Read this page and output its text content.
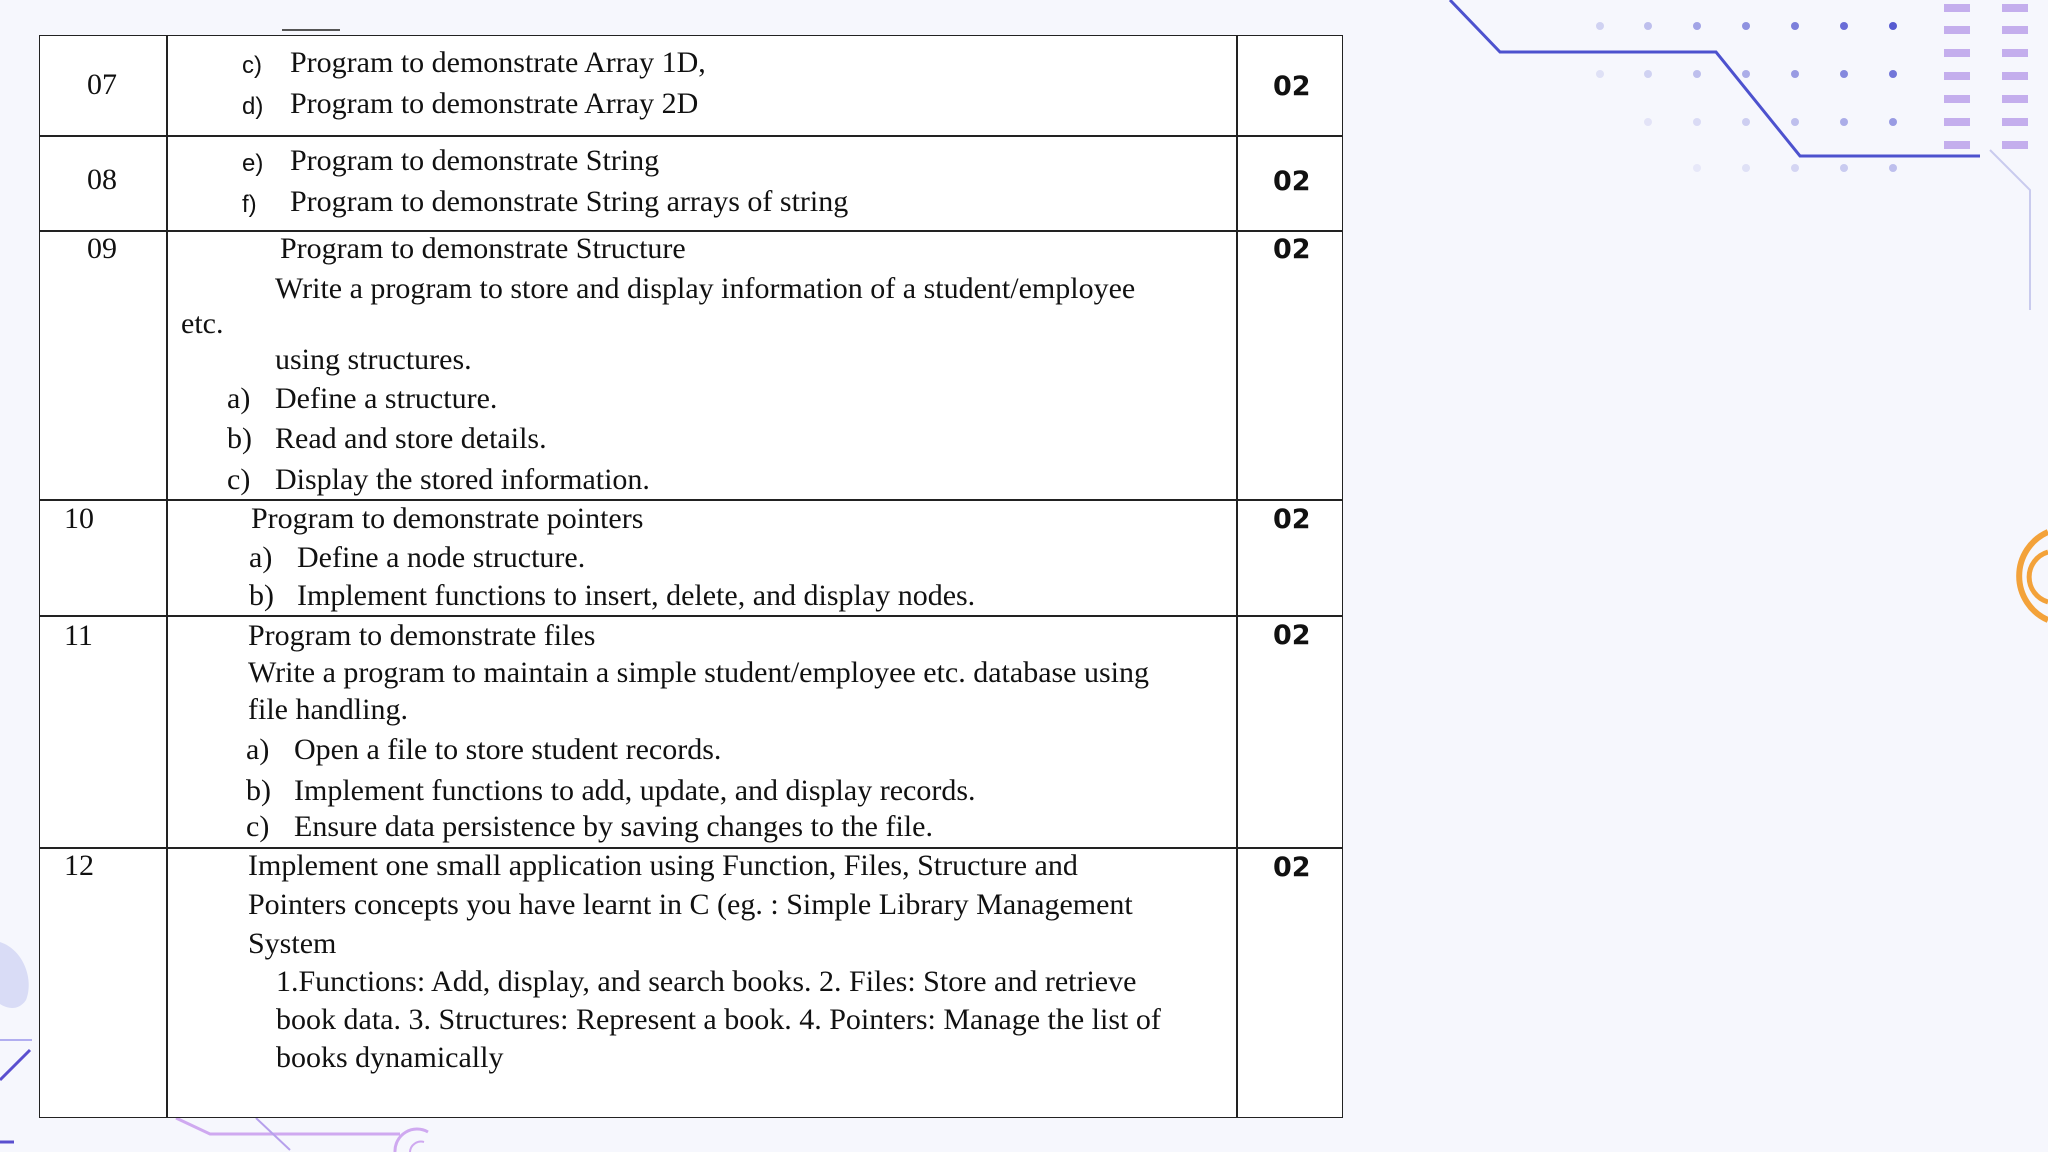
07
c) Program to demonstrate Array 1D,
d) Program to demonstrate Array 2D
02
08	e) Program to demonstrate String
f) Program to demonstrate String arrays of string
02
09	Program to demonstrate Structure
Write a program to store and display information of a student/employee
etc.
using structures.
a) Define a structure.
b) Read and store details.
c) Display the stored information.
02
10	Program to demonstrate pointers
a) Define a node structure.
b) Implement functions to insert, delete, and display nodes.
02
11	Program to demonstrate files
Write a program to maintain a simple student/employee etc. database using
file handling.
a) Open a file to store student records.
b) Implement functions to add, update, and display records.
c) Ensure data persistence by saving changes to the file.
02
12	Implement one small application using Function, Files, Structure and
Pointers concepts you have learnt in C (eg. : Simple Library Management
System
1.Functions: Add, display, and search books. 2. Files: Store and retrieve
book data. 3. Structures: Represent a book. 4. Pointers: Manage the list of
books dynamically
02
